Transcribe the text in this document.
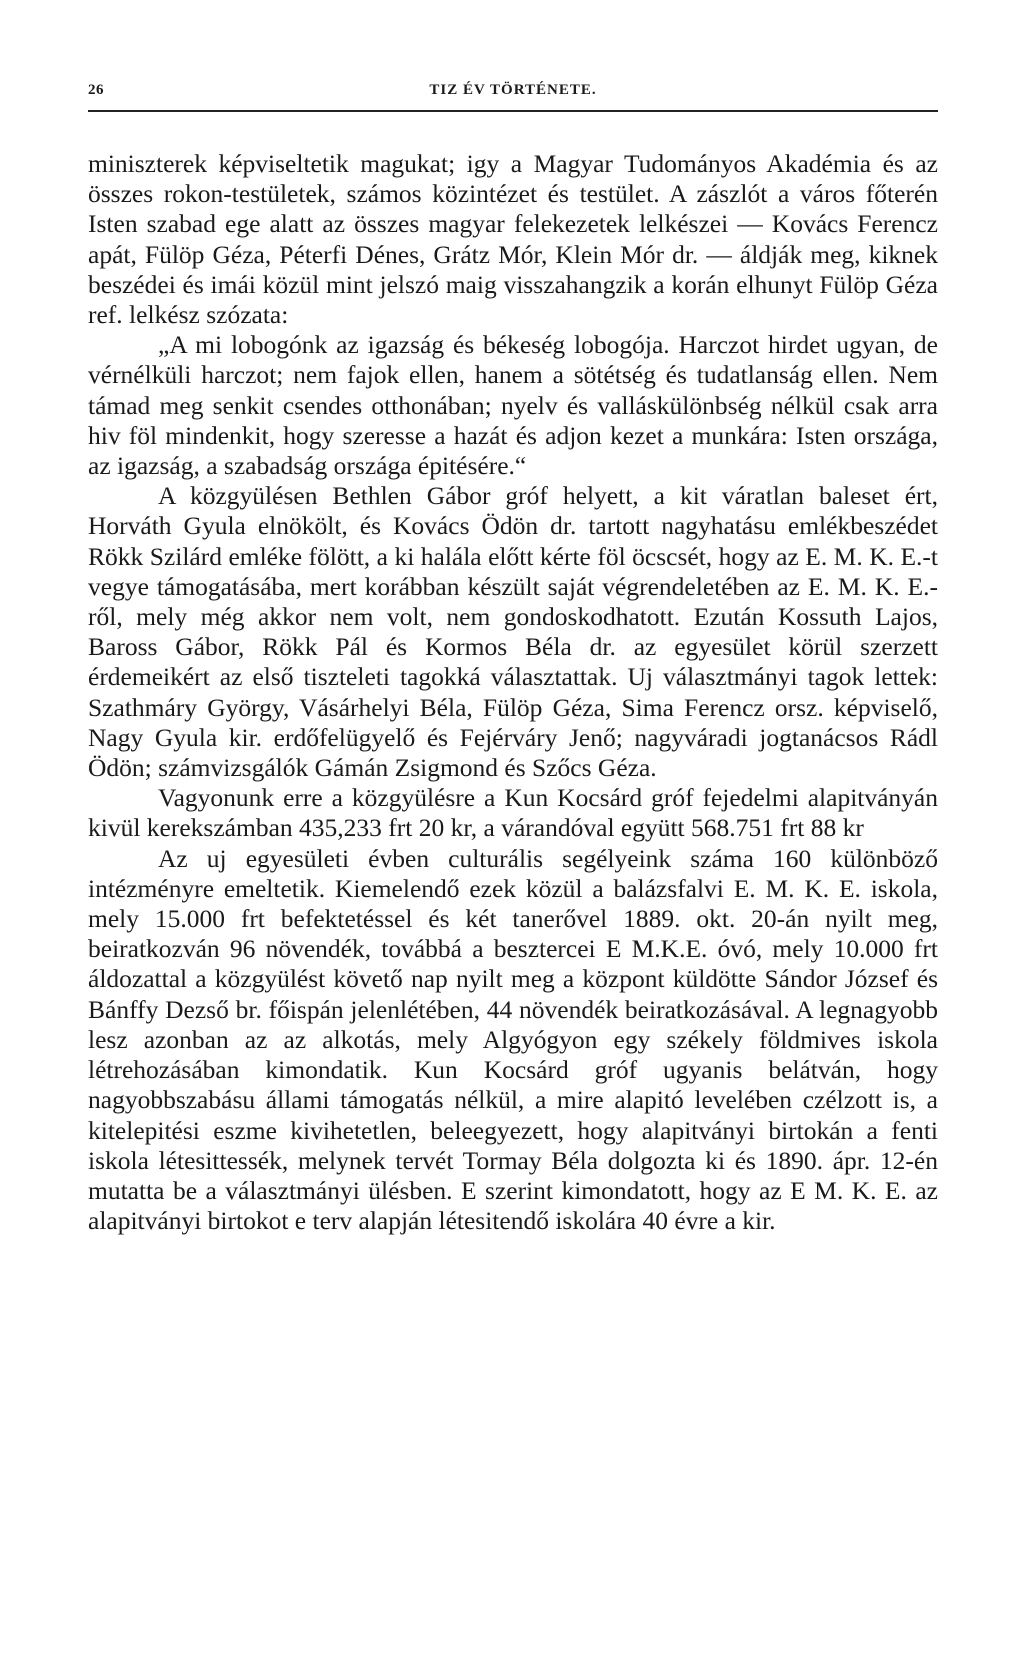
26	TIZ ÉV TÖRTÉNETE.

miniszterek képviseltetik magukat; igy a Magyar Tudományos Akadémia és az összes rokon-testületek, számos közintézet és testület. A zászlót a város főterén Isten szabad ege alatt az összes magyar felekezetek lelkészei — Kovács Ferencz apát, Fülöp Géza, Péterfi Dénes, Grátz Mór, Klein Mór dr. — áldják meg, kiknek beszédei és imái közül mint jelszó maig visszahangzik a korán elhunyt Fülöp Géza ref. lelkész szózata:

„A mi lobogónk az igazság és békeség lobogója. Harczot hirdet ugyan, de vérnélküli harczot; nem fajok ellen, hanem a sötétség és tudatlanság ellen. Nem támad meg senkit csendes otthonában; nyelv és valláskülönbség nélkül csak arra hiv föl mindenkit, hogy szeresse a hazát és adjon kezet a munkára: Isten országa, az igazság, a szabadság országa épitésére.“

A közgyülésen Bethlen Gábor gróf helyett, a kit váratlan baleset ért, Horváth Gyula elnökölt, és Kovács Ödön dr. tartott nagyhatásu emlékbeszédet Rökk Szilárd emléke fölött, a ki halála előtt kérte föl öcscsét, hogy az E. M. K. E.-t vegye támogatásába, mert korábban készült saját végrendeletében az E. M. K. E.-ről, mely még akkor nem volt, nem gondoskodhatott. Ezután Kossuth Lajos, Baross Gábor, Rökk Pál és Kormos Béla dr. az egyesület körül szerzett érdemeikért az első tiszteleti tagokká választattak. Uj választmányi tagok lettek: Szathmáry György, Vásárhelyi Béla, Fülöp Géza, Sima Ferencz orsz. képviselő, Nagy Gyula kir. erdőfelügyelő és Fejérváry Jenő; nagyváradi jogtanácsos Rádl Ödön; számvizsgálók Gámán Zsigmond és Szőcs Géza.

Vagyonunk erre a közgyülésre a Kun Kocsárd gróf fejedelmi alapitványán kivül kerekszámban 435,233 frt 20 kr, a várandóval együtt 568.751 frt 88 kr

Az uj egyesületi évben culturális segélyeink száma 160 különböző intézményre emeltetik. Kiemelendő ezek közül a balázsfalvi E. M. K. E. iskola, mely 15.000 frt befektetéssel és két tanerővel 1889. okt. 20-án nyilt meg, beiratkozván 96 növendék, továbbá a besztercei E M.K.E. óvó, mely 10.000 frt áldozattal a közgyülést követő nap nyilt meg a központ küldötte Sándor József és Bánffy Dezső br. főispán jelenlétében, 44 növendék beiratkozásával. A legnagyobb lesz azonban az az alkotás, mely Algyógyon egy székely földmives iskola létrehozásában kimondatik. Kun Kocsárd gróf ugyanis belátván, hogy nagyobbszabásu állami támogatás nélkül, a mire alapitó levelében czélzott is, a kitelepitési eszme kivihetetlen, beleegyezett, hogy alapitványi birtokán a fenti iskola létesittessék, melynek tervét Tormay Béla dolgozta ki és 1890. ápr. 12-én mutatta be a választmányi ülésben. E szerint kimondatott, hogy az E M. K. E. az alapitványi birtokot e terv alapján létesitendő iskolára 40 évre a kir.
